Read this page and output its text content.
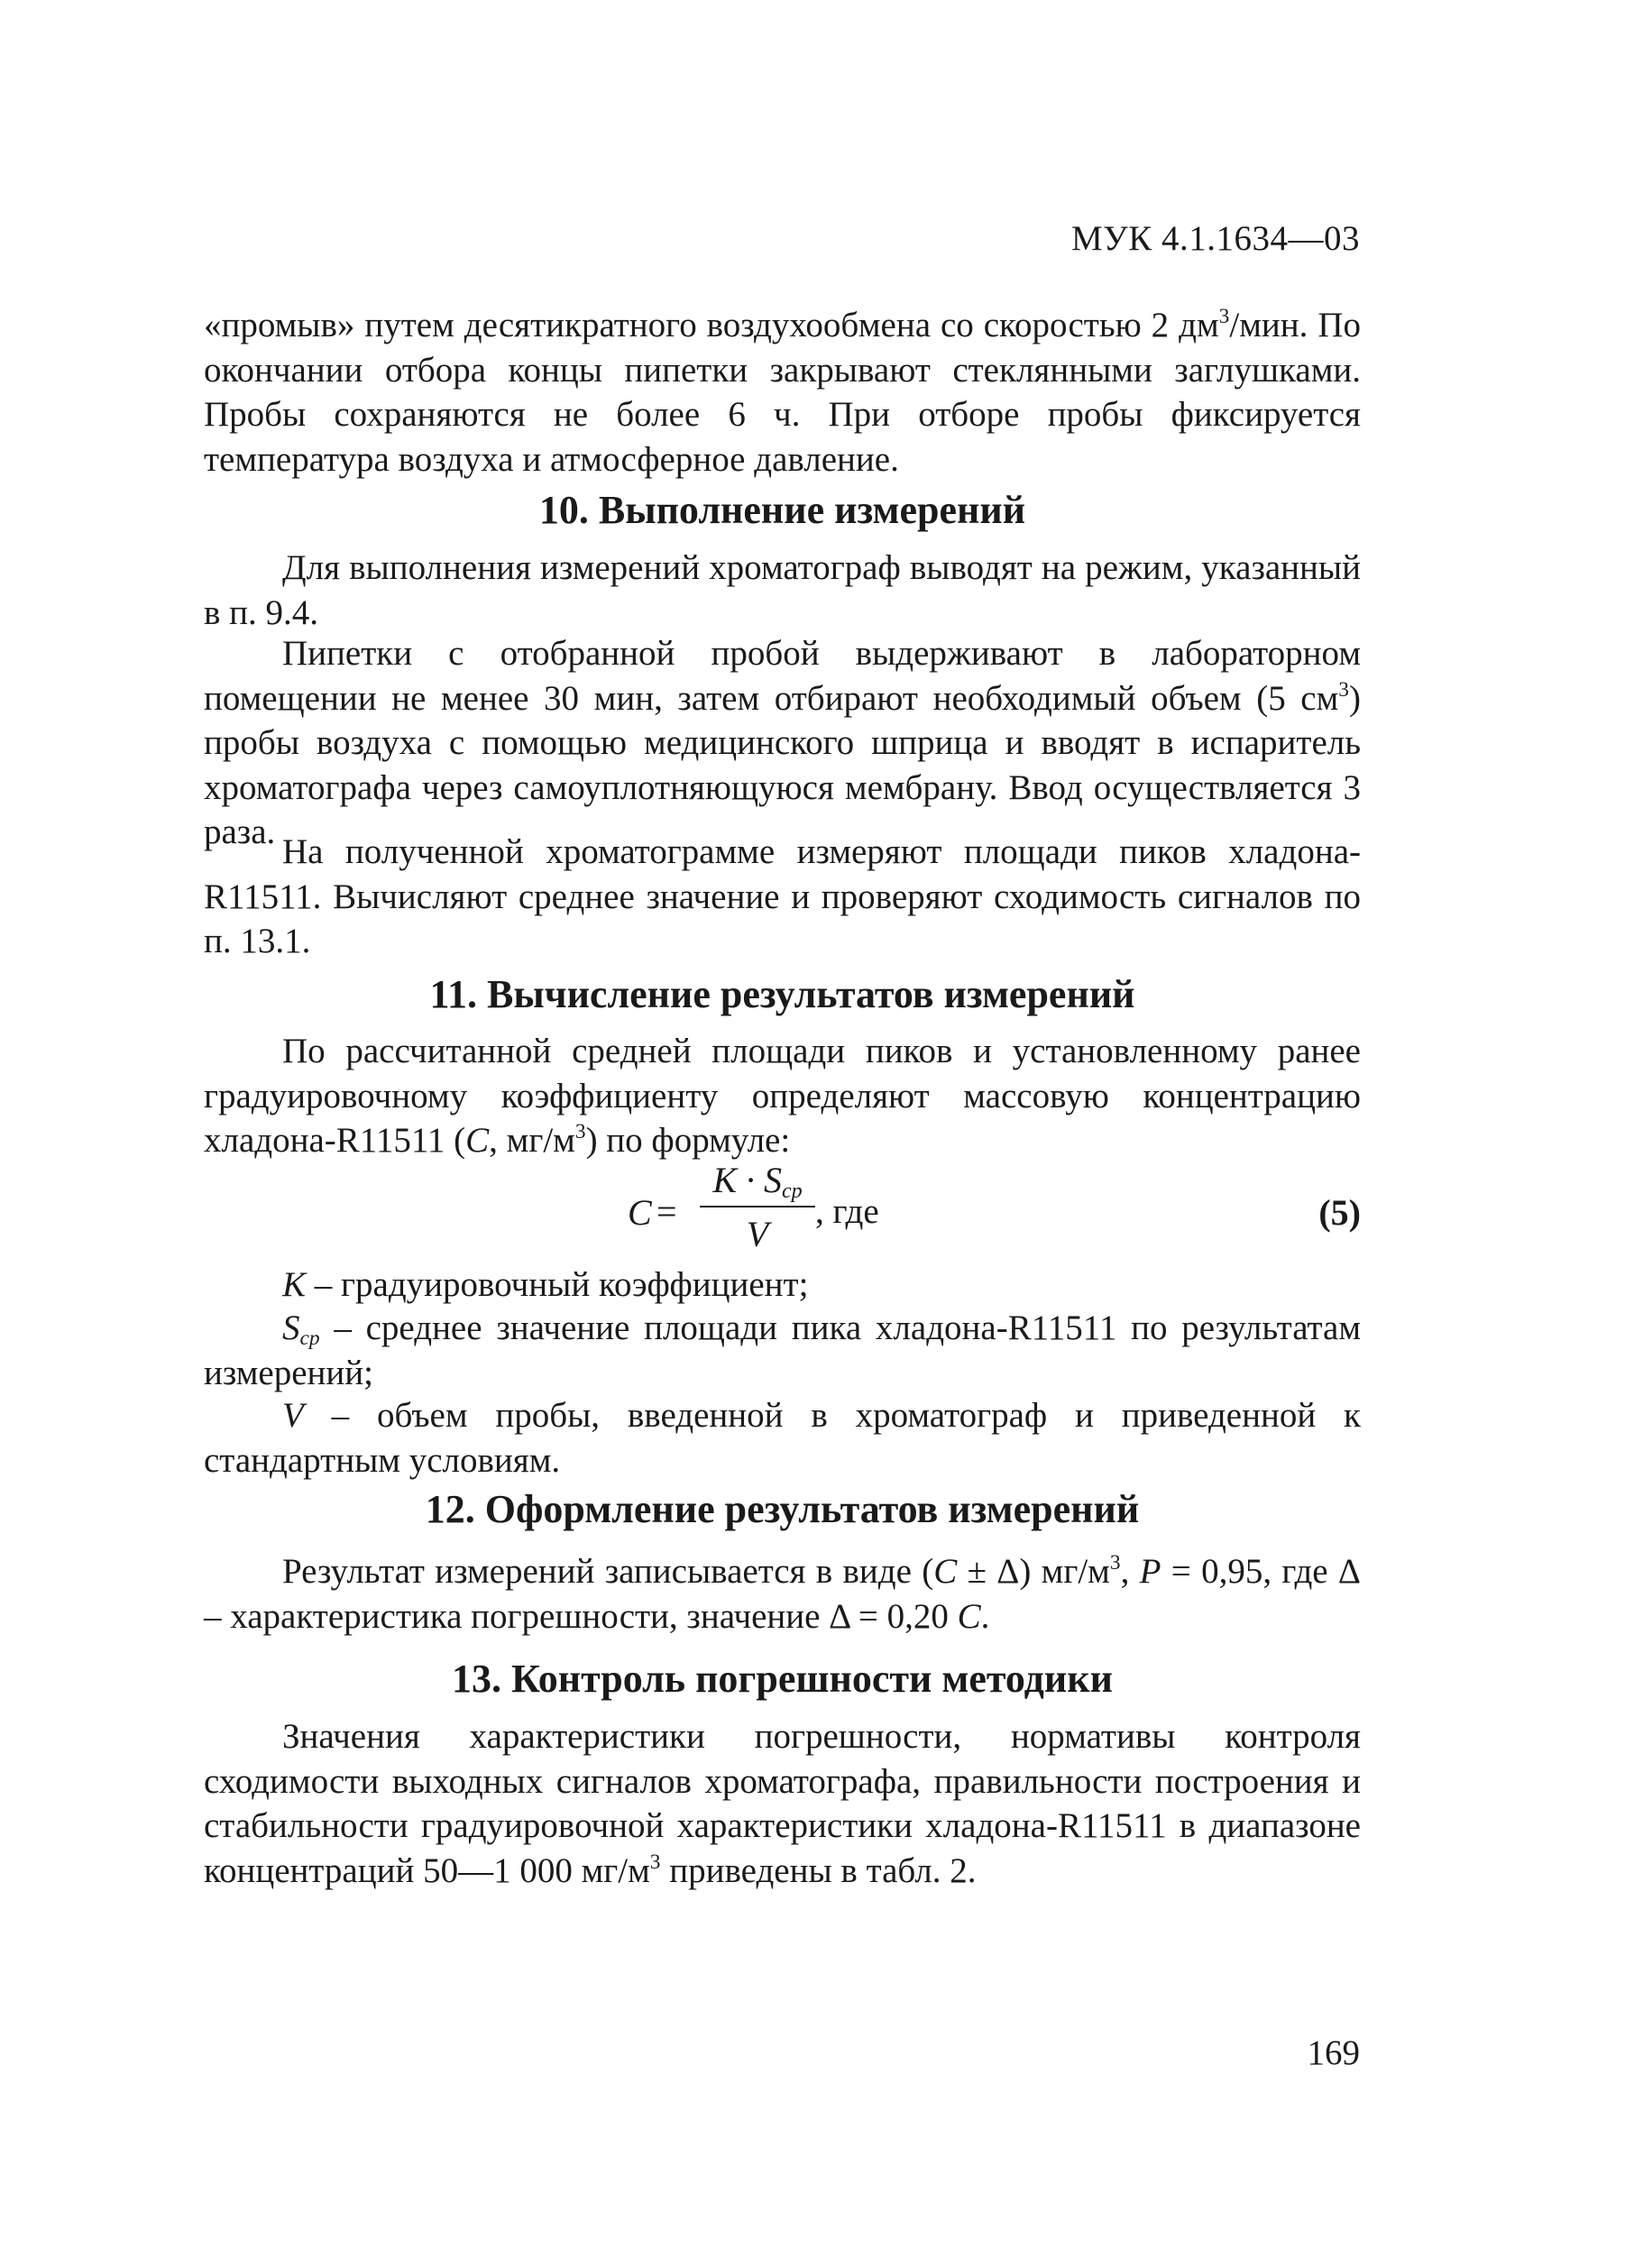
МУК 4.1.1634—03
«промыв» путем десятикратного воздухообмена со скоростью 2 $дм^3$/мин. По окончании отбора концы пипетки закрывают стеклянными заглушками. Пробы сохраняются не более 6 ч. При отборе пробы фиксируется температура воздуха и атмосферное давление.
10. Выполнение измерений
Для выполнения измерений хроматограф выводят на режим, указанный в п. 9.4.
Пипетки с отобранной пробой выдерживают в лабораторном помещении не менее 30 мин, затем отбирают необходимый объем (5 $см^3$) пробы воздуха с помощью медицинского шприца и вводят в испаритель хроматографа через самоуплотняющуюся мембрану. Ввод осуществляется 3 раза.
На полученной хроматограмме измеряют площади пиков хладона-R11511. Вычисляют среднее значение и проверяют сходимость сигналов по п. 13.1.
11. Вычисление результатов измерений
По рассчитанной средней площади пиков и установленному ранее градуировочному коэффициенту определяют массовую концентрацию хладона-R11511 (C, $мг/м^3$) по формуле:
C =
$K \cdot S_{ср}$
V
, где	(5)
K – градуировочный коэффициент;
$S_{ср}$ – среднее значение площади пика хладона-R11511 по результатам измерений;
V – объем пробы, введенной в хроматограф и приведенной к стандартным условиям.
12. Оформление результатов измерений
Результат измерений записывается в виде (C ± Δ) $мг/м^3$, P = 0,95, где Δ – характеристика погрешности, значение Δ = 0,20 C.
13. Контроль погрешности методики
Значения характеристики погрешности, нормативы контроля сходимости выходных сигналов хроматографа, правильности построения и стабильности градуировочной характеристики хладона-R11511 в диапазоне концентраций 50—1 000 $мг/м^3$ приведены в табл. 2.
169
